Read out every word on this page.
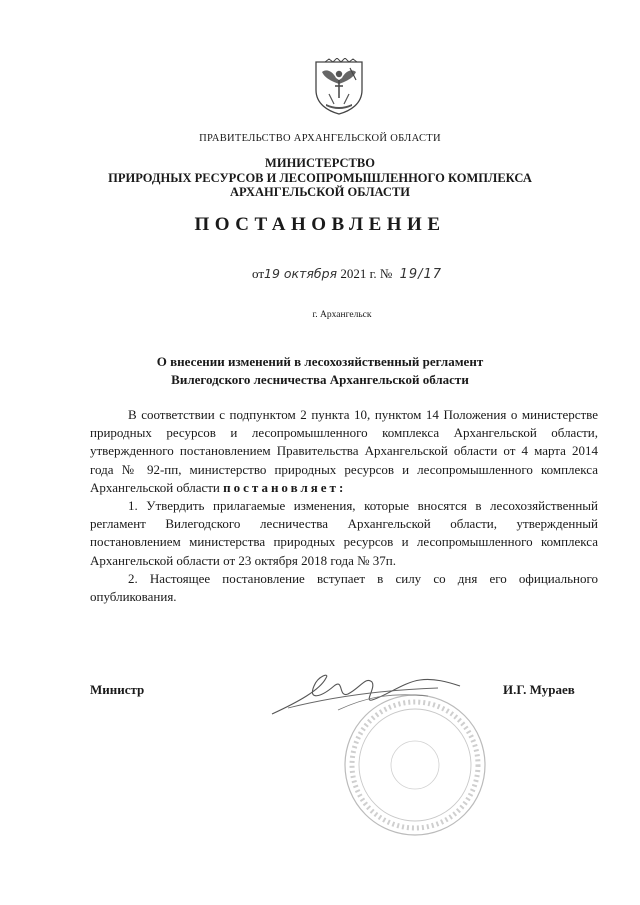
ПРАВИТЕЛЬСТВО АРХАНГЕЛЬСКОЙ ОБЛАСТИ
МИНИСТЕРСТВО
ПРИРОДНЫХ РЕСУРСОВ И ЛЕСОПРОМЫШЛЕННОГО КОМПЛЕКСА
АРХАНГЕЛЬСКОЙ ОБЛАСТИ
ПОСТАНОВЛЕНИЕ
от19 октября 2021 г. № 19/17
г. Архангельск
О внесении изменений в лесохозяйственный регламент
Вилегодского лесничества Архангельской области

В соответствии с подпунктом 2 пункта 10, пунктом 14 Положения о министерстве природных ресурсов и лесопромышленного комплекса Архангельской области, утвержденного постановлением Правительства Архангельской области от 4 марта 2014 года № 92-пп, министерство природных ресурсов и лесопромышленного комплекса Архангельской области постановляет:

1. Утвердить прилагаемые изменения, которые вносятся в лесохозяйственный регламент Вилегодского лесничества Архангельской области, утвержденный постановлением министерства природных ресурсов и лесопромышленного комплекса Архангельской области от 23 октября 2018 года № 37п.

2. Настоящее постановление вступает в силу со дня его официального опубликования.

Министр	И.Г. Мураев
